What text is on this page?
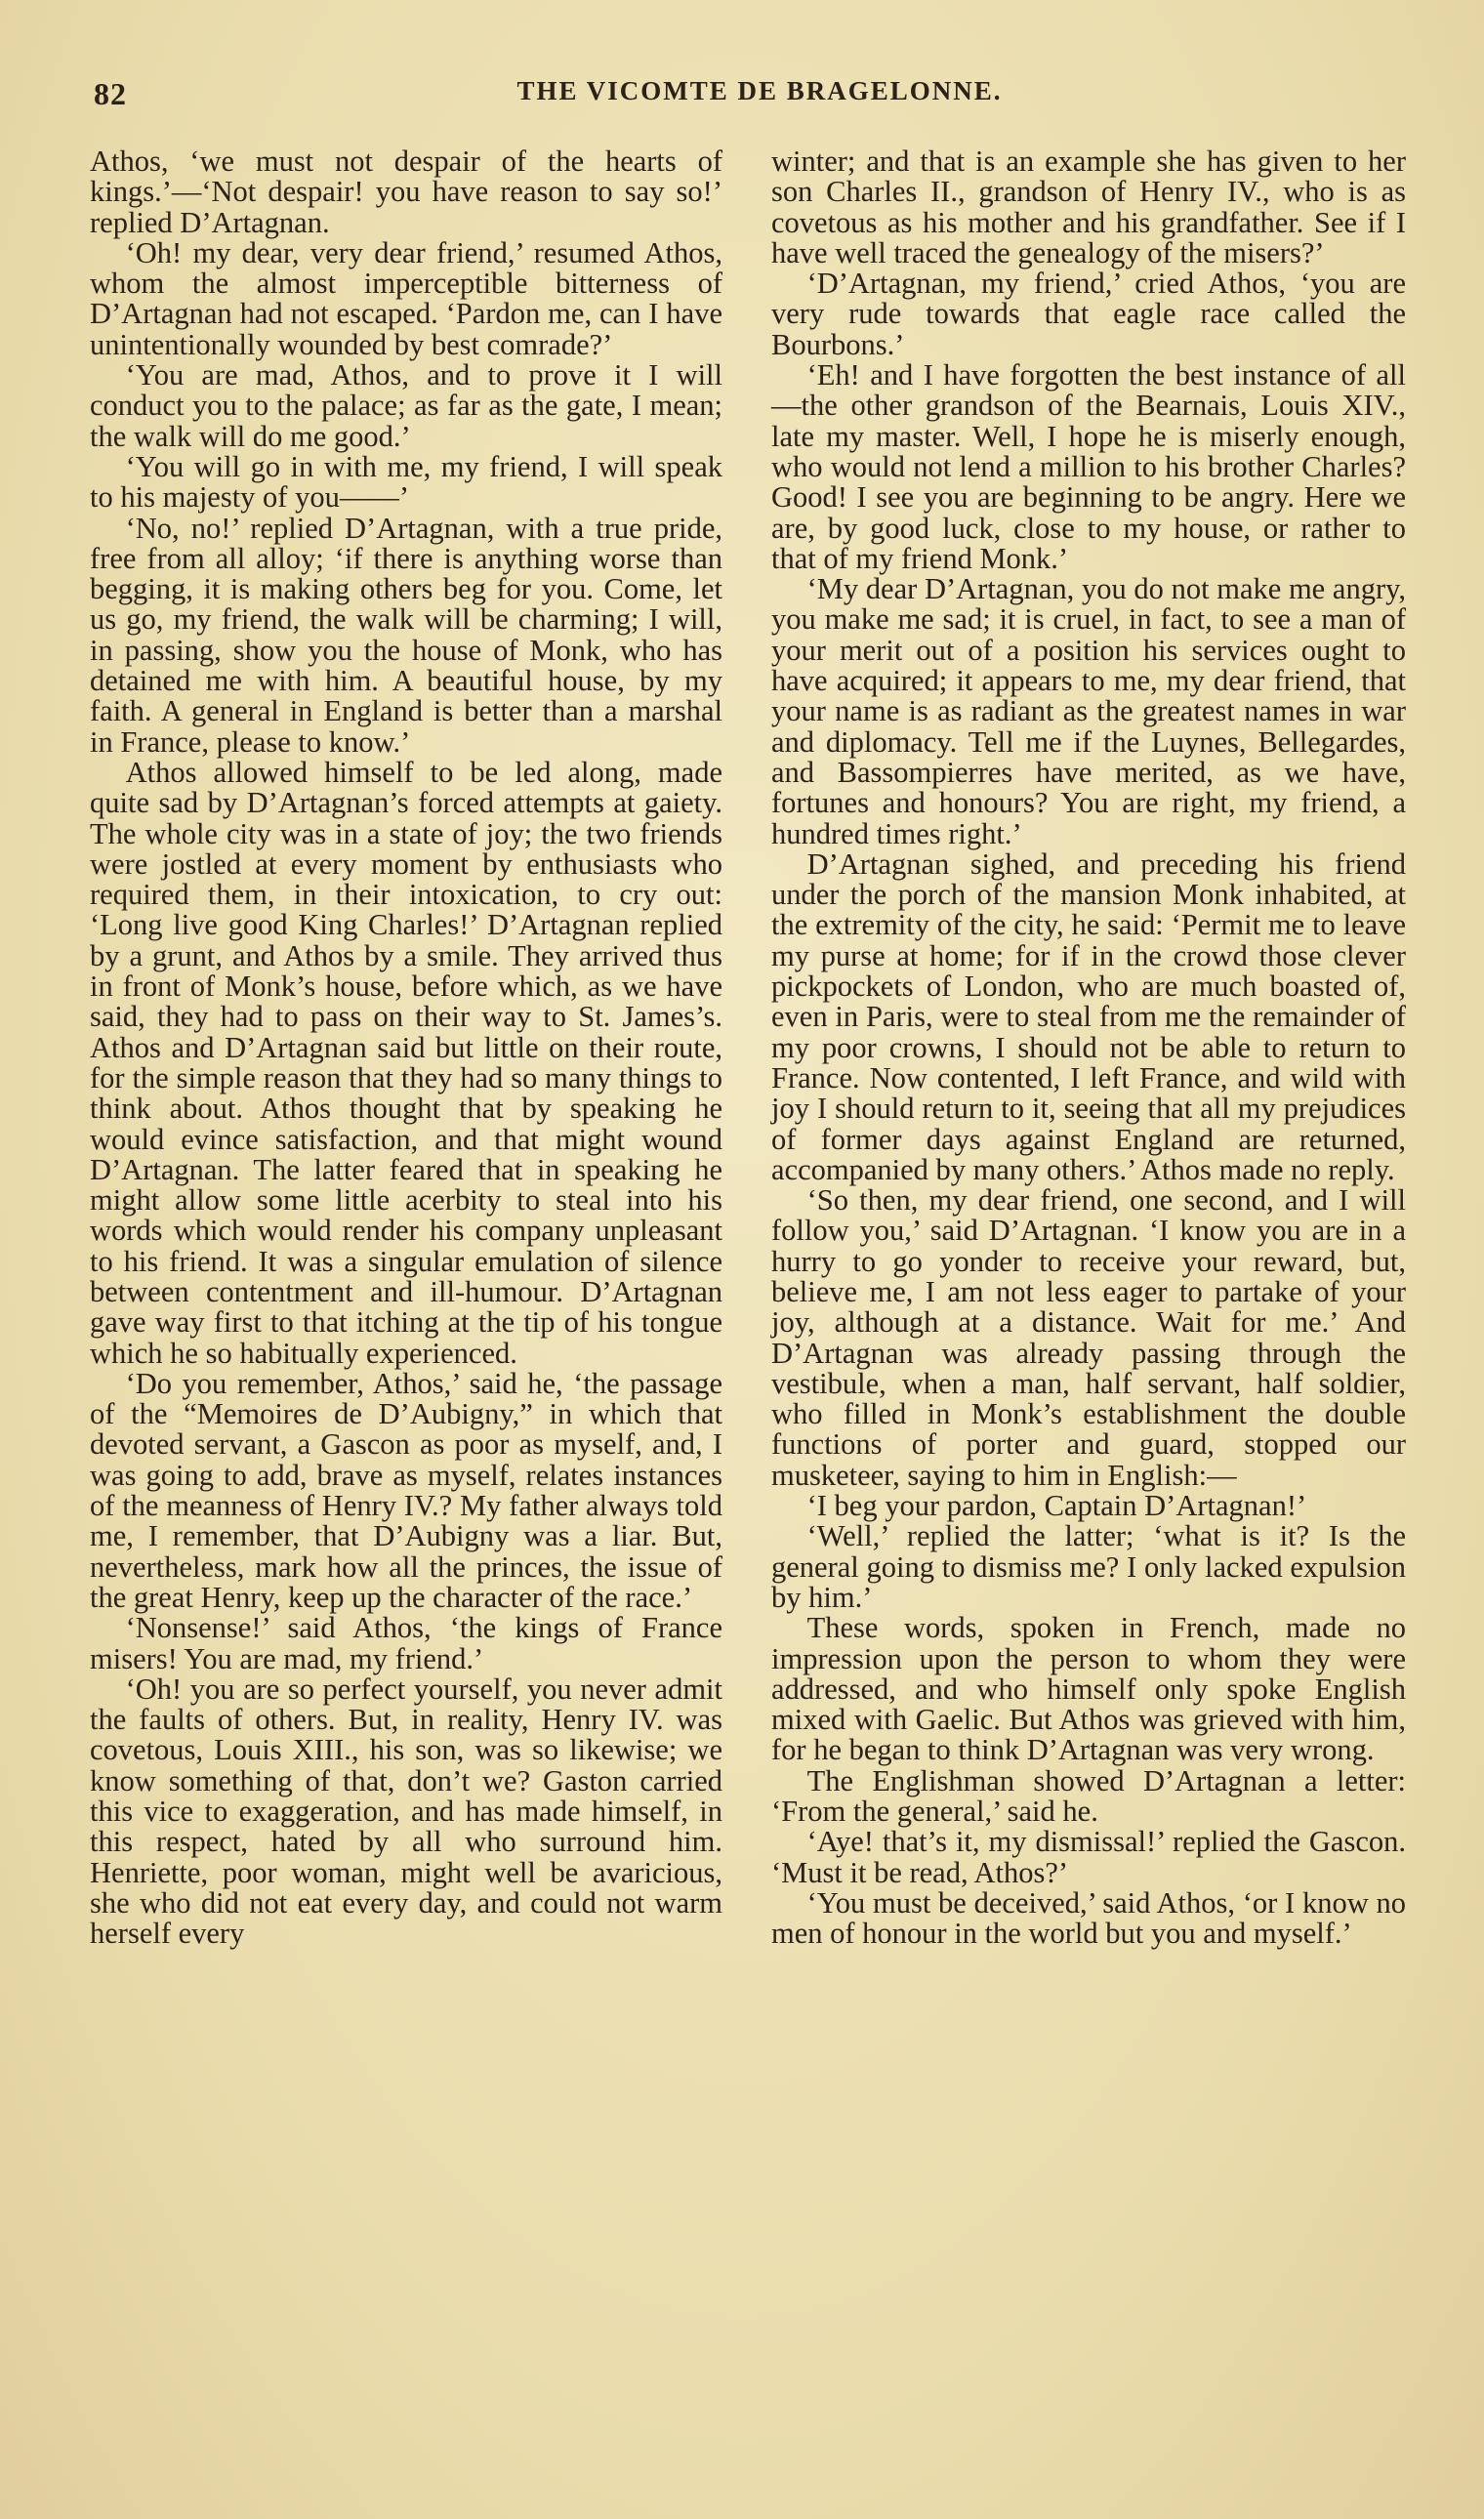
82	THE VICOMTE DE BRAGELONNE.

Athos, ‘we must not despair of the hearts of kings.’—‘Not despair! you have reason to say so!’ replied D’Artagnan.

‘Oh! my dear, very dear friend,’ resumed Athos, whom the almost imperceptible bitterness of D’Artagnan had not escaped. ‘Pardon me, can I have unintentionally wounded by best comrade?’

‘You are mad, Athos, and to prove it I will conduct you to the palace; as far as the gate, I mean; the walk will do me good.’

‘You will go in with me, my friend, I will speak to his majesty of you——’

‘No, no!’ replied D’Artagnan, with a true pride, free from all alloy; ‘if there is anything worse than begging, it is making others beg for you. Come, let us go, my friend, the walk will be charming; I will, in passing, show you the house of Monk, who has detained me with him. A beautiful house, by my faith. A general in England is better than a marshal in France, please to know.’

Athos allowed himself to be led along, made quite sad by D’Artagnan’s forced attempts at gaiety. The whole city was in a state of joy; the two friends were jostled at every moment by enthusiasts who required them, in their intoxication, to cry out: ‘Long live good King Charles!’ D’Artagnan replied by a grunt, and Athos by a smile. They arrived thus in front of Monk’s house, before which, as we have said, they had to pass on their way to St. James’s. Athos and D’Artagnan said but little on their route, for the simple reason that they had so many things to think about. Athos thought that by speaking he would evince satisfaction, and that might wound D’Artagnan. The latter feared that in speaking he might allow some little acerbity to steal into his words which would render his company unpleasant to his friend. It was a singular emulation of silence between contentment and ill-humour. D’Artagnan gave way first to that itching at the tip of his tongue which he so habitually experienced.

‘Do you remember, Athos,’ said he, ‘the passage of the “Memoires de D’Aubigny,” in which that devoted servant, a Gascon as poor as myself, and, I was going to add, brave as myself, relates instances of the meanness of Henry IV.? My father always told me, I remember, that D’Aubigny was a liar. But, nevertheless, mark how all the princes, the issue of the great Henry, keep up the character of the race.’

‘Nonsense!’ said Athos, ‘the kings of France misers! You are mad, my friend.’

‘Oh! you are so perfect yourself, you never admit the faults of others. But, in reality, Henry IV. was covetous, Louis XIII., his son, was so likewise; we know something of that, don’t we? Gaston carried this vice to exaggeration, and has made himself, in this respect, hated by all who surround him. Henriette, poor woman, might well be avaricious, she who did not eat every day, and could not warm herself every

winter; and that is an example she has given to her son Charles II., grandson of Henry IV., who is as covetous as his mother and his grandfather. See if I have well traced the genealogy of the misers?’

‘D’Artagnan, my friend,’ cried Athos, ‘you are very rude towards that eagle race called the Bourbons.’

‘Eh! and I have forgotten the best instance of all—the other grandson of the Bearnais, Louis XIV., late my master. Well, I hope he is miserly enough, who would not lend a million to his brother Charles? Good! I see you are beginning to be angry. Here we are, by good luck, close to my house, or rather to that of my friend Monk.’

‘My dear D’Artagnan, you do not make me angry, you make me sad; it is cruel, in fact, to see a man of your merit out of a position his services ought to have acquired; it appears to me, my dear friend, that your name is as radiant as the greatest names in war and diplomacy. Tell me if the Luynes, Bellegardes, and Bassompierres have merited, as we have, fortunes and honours? You are right, my friend, a hundred times right.’

D’Artagnan sighed, and preceding his friend under the porch of the mansion Monk inhabited, at the extremity of the city, he said: ‘Permit me to leave my purse at home; for if in the crowd those clever pickpockets of London, who are much boasted of, even in Paris, were to steal from me the remainder of my poor crowns, I should not be able to return to France. Now contented, I left France, and wild with joy I should return to it, seeing that all my prejudices of former days against England are returned, accompanied by many others.’ Athos made no reply.

‘So then, my dear friend, one second, and I will follow you,’ said D’Artagnan. ‘I know you are in a hurry to go yonder to receive your reward, but, believe me, I am not less eager to partake of your joy, although at a distance. Wait for me.’ And D’Artagnan was already passing through the vestibule, when a man, half servant, half soldier, who filled in Monk’s establishment the double functions of porter and guard, stopped our musketeer, saying to him in English:—

‘I beg your pardon, Captain D’Artagnan!’

‘Well,’ replied the latter; ‘what is it? Is the general going to dismiss me? I only lacked expulsion by him.’

These words, spoken in French, made no impression upon the person to whom they were addressed, and who himself only spoke English mixed with Gaelic. But Athos was grieved with him, for he began to think D’Artagnan was very wrong.

The Englishman showed D’Artagnan a letter: ‘From the general,’ said he.

‘Aye! that’s it, my dismissal!’ replied the Gascon. ‘Must it be read, Athos?’

‘You must be deceived,’ said Athos, ‘or I know no men of honour in the world but you and myself.’
